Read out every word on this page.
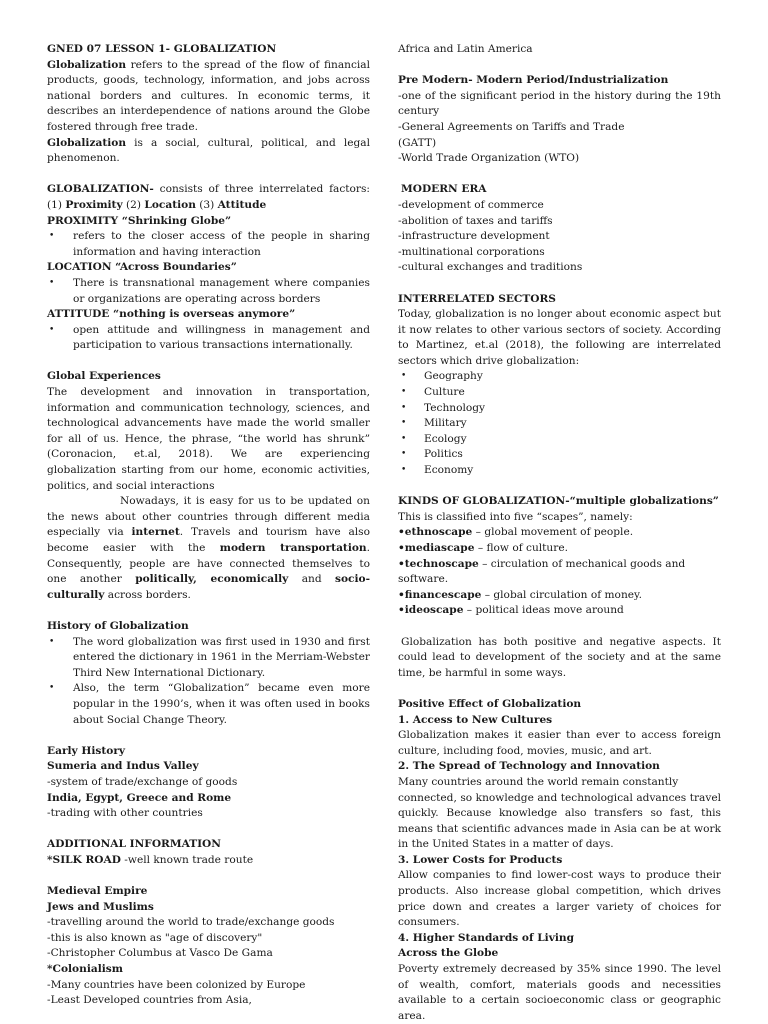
GNED 07 LESSON 1- GLOBALIZATION

Globalization refers to the spread of the flow of financial products, goods, technology, information, and jobs across national borders and cultures. In economic terms, it describes an interdependence of nations around the Globe fostered through free trade.

Globalization is a social, cultural, political, and legal phenomenon.

GLOBALIZATION- consists of three interrelated factors: (1) Proximity (2) Location (3) Attitude

PROXIMITY “Shrinking Globe”

• refers to the closer access of the people in sharing information and having interaction

LOCATION “Across Boundaries”

• There is transnational management where companies or organizations are operating across borders

ATTITUDE “nothing is overseas anymore”

• open attitude and willingness in management and participation to various transactions internationally.

Global Experiences

The development and innovation in transportation, information and communication technology, sciences, and technological advancements have made the world smaller for all of us. Hence, the phrase, “the world has shrunk” (Coronacion, et.al, 2018). We are experiencing globalization starting from our home, economic activities, politics, and social interactions

Nowadays, it is easy for us to be updated on the news about other countries through different media especially via internet. Travels and tourism have also become easier with the modern transportation. Consequently, people are have connected themselves to one another politically, economically and socio-culturally across borders.

History of Globalization

• The word globalization was first used in 1930 and first entered the dictionary in 1961 in the Merriam-Webster Third New International Dictionary.
• Also, the term “Globalization” became even more popular in the 1990’s, when it was often used in books about Social Change Theory.

Early History

Sumeria and Indus Valley

-system of trade/exchange of goods

India, Egypt, Greece and Rome

-trading with other countries

ADDITIONAL INFORMATION

*SILK ROAD -well known trade route

Medieval Empire

Jews and Muslims

-travelling around the world to trade/exchange goods

-this is also known as "age of discovery"

-Christopher Columbus at Vasco De Gama

*Colonialism

-Many countries have been colonized by Europe

-Least Developed countries from Asia,

Africa and Latin America

Pre Modern- Modern Period/Industrialization

-one of the significant period in the history during the 19th century

-General Agreements on Tariffs and Trade

(GATT)

-World Trade Organization (WTO)

MODERN ERA

-development of commerce

-abolition of taxes and tariffs

-infrastructure development

-multinational corporations

-cultural exchanges and traditions

INTERRELATED SECTORS

Today, globalization is no longer about economic aspect but it now relates to other various sectors of society. According to Martinez, et.al (2018), the following are interrelated sectors which drive globalization:

• Geography
• Culture
• Technology
• Military
• Ecology
• Politics
• Economy

KINDS OF GLOBALIZATION-“multiple globalizations”

This is classified into five “scapes”, namely:

•ethnoscape – global movement of people.

•mediascape – flow of culture.

•technoscape – circulation of mechanical goods and software.

•financescape – global circulation of money.

•ideoscape – political ideas move around

Globalization has both positive and negative aspects. It could lead to development of the society and at the same time, be harmful in some ways.

Positive Effect of Globalization

1. Access to New Cultures

Globalization makes it easier than ever to access foreign culture, including food, movies, music, and art.

2. The Spread of Technology and Innovation

Many countries around the world remain constantly

connected, so knowledge and technological advances travel quickly. Because knowledge also transfers so fast, this means that scientific advances made in Asia can be at work in the United States in a matter of days.

3. Lower Costs for Products

Allow companies to find lower-cost ways to produce their products. Also increase global competition, which drives price down and creates a larger variety of choices for consumers.

4. Higher Standards of Living Across the Globe

Poverty extremely decreased by 35% since 1990. The level of wealth, comfort, materials goods and necessities available to a certain socioeconomic class or geographic area.
